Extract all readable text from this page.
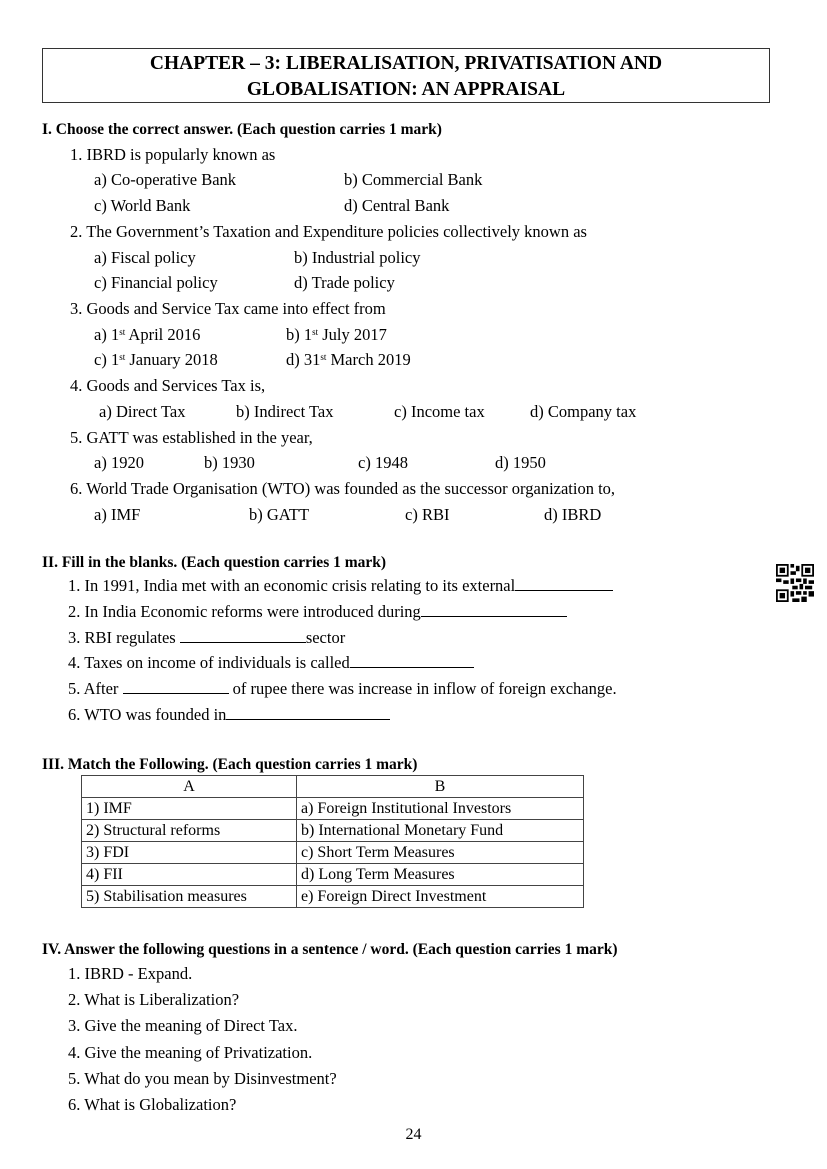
CHAPTER – 3: LIBERALISATION, PRIVATISATION AND
GLOBALISATION: AN APPRAISAL
I. Choose the correct answer. (Each question carries 1 mark)
1. IBRD is popularly known as
a) Co-operative Bank	b) Commercial Bank
c) World Bank	d) Central Bank
2. The Government’s Taxation and Expenditure policies collectively known as
a) Fiscal policy	b) Industrial policy
c) Financial policy	d) Trade policy
3. Goods and Service Tax came into effect from
a) 1st April 2016	b) 1st July 2017
c) 1st January 2018	d) 31st March 2019
4. Goods and Services Tax is,
a) Direct Tax	b) Indirect Tax	c) Income tax	d) Company tax
5. GATT was established in the year,
a) 1920	b) 1930	c) 1948	d) 1950
6. World Trade Organisation (WTO) was founded as the successor organization to,
a) IMF	b) GATT	c) RBI	d) IBRD
II. Fill in the blanks. (Each question carries 1 mark)
1. In 1991, India met with an economic crisis relating to its external
2. In India Economic reforms were introduced during
3. RBI regulates	sector
4. Taxes on income of individuals is called
5. After	of rupee there was increase in inflow of foreign exchange.
6. WTO was founded in
III. Match the Following. (Each question carries 1 mark)
A	B
1) IMF	a) Foreign Institutional Investors
2) Structural reforms	b) International Monetary Fund
3) FDI	c) Short Term Measures
4) FII	d) Long Term Measures
5) Stabilisation measures	e) Foreign Direct Investment
IV. Answer the following questions in a sentence / word. (Each question carries 1 mark)
1. IBRD - Expand.
2. What is Liberalization?
3. Give the meaning of Direct Tax.
4. Give the meaning of Privatization.
5. What do you mean by Disinvestment?
6. What is Globalization?
24
